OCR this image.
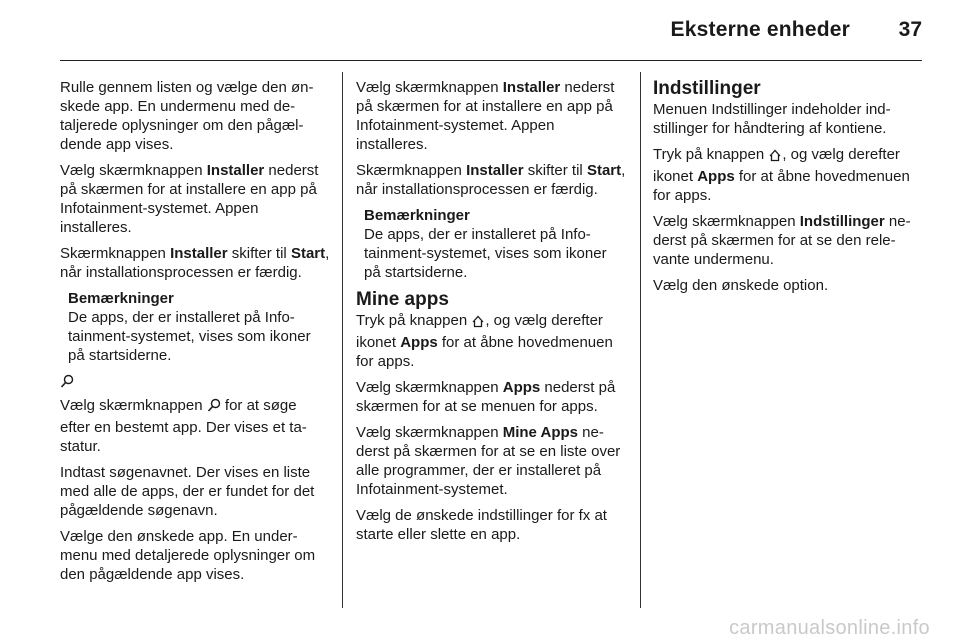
Eksterne enheder 37

Rulle gennem listen og vælge den ønskede app. En undermenu med detaljerede oplysninger om den pågældende app vises.

Vælg skærmknappen Installer nederst på skærmen for at installere en app på Infotainment-systemet. Appen installeres.

Skærmknappen Installer skifter til Start, når installationsprocessen er færdig.

Bemærkninger
De apps, der er installeret på Infotainment-systemet, vises som ikoner på startsiderne.

Vælg skærmknappen  for at søge efter en bestemt app. Der vises et tastatur.

Indtast søgenavnet. Der vises en liste med alle de apps, der er fundet for det pågældende søgenavn.

Vælge den ønskede app. En undermenu med detaljerede oplysninger om den pågældende app vises.

Vælg skærmknappen Installer nederst på skærmen for at installere en app på Infotainment-systemet. Appen installeres.

Skærmknappen Installer skifter til Start, når installationsprocessen er færdig.

Bemærkninger
De apps, der er installeret på Infotainment-systemet, vises som ikoner på startsiderne.
Mine apps

Tryk på knappen , og vælg derefter ikonet Apps for at åbne hovedmenuen for apps.

Vælg skærmknappen Apps nederst på skærmen for at se menuen for apps.

Vælg skærmknappen Mine Apps nederst på skærmen for at se en liste over alle programmer, der er installeret på Infotainment-systemet.

Vælg de ønskede indstillinger for fx at starte eller slette en app.

Indstillinger

Menuen Indstillinger indeholder indstillinger for håndtering af kontiene.

Tryk på knappen , og vælg derefter ikonet Apps for at åbne hovedmenuen for apps.

Vælg skærmknappen Indstillinger nederst på skærmen for at se den relevante undermenu.

Vælg den ønskede option.

carmanualsonline.info
